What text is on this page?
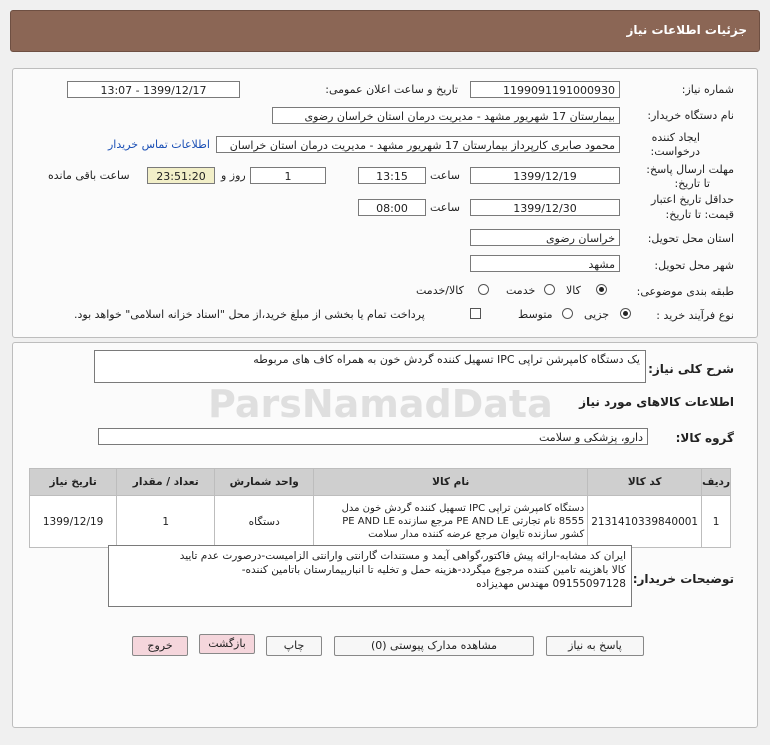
جزئیات اطلاعات نیاز
شماره نیاز:
1199091191000930
تاریخ و ساعت اعلان عمومی:
1399/12/17 - 13:07
نام دستگاه خریدار:
بیمارستان 17 شهریور مشهد - مدیریت درمان استان خراسان رضوی
ایجاد کننده
درخواست:
محمود صابری کارپرداز بیمارستان 17 شهریور مشهد - مدیریت درمان استان خراسان
اطلاعات تماس خریدار
مهلت ارسال پاسخ:
تا تاریخ:
1399/12/19
ساعت
13:15
1
روز و
23:51:20
ساعت باقی مانده
حداقل تاریخ اعتبار
قیمت: تا تاریخ:
1399/12/30
ساعت
08:00
استان محل تحویل:
خراسان رضوی
شهر محل تحویل:
مشهد
طبقه بندی موضوعی:
کالا
خدمت
کالا/خدمت
نوع فرآیند خرید :
جزیی
متوسط
پرداخت تمام یا بخشی از مبلغ خرید،از محل "اسناد خزانه اسلامی" خواهد بود.
شرح کلی نیاز:
یک دستگاه کامپرشن تراپی IPC تسهیل کننده گردش خون به همراه کاف های مربوطه
اطلاعات کالاهای مورد نیاز
گروه کالا:
دارو، پزشکی و سلامت
ردیف	کد کالا	نام کالا	واحد شمارش	تعداد / مقدار	تاریخ نیاز
1	2131410339840001	دستگاه کامپرشن تراپی IPC تسهیل کننده گردش خون مدل 8555 نام تجارتی PE AND LE مرجع سازنده PE AND LE کشور سازنده تایوان مرجع عرضه کننده مدار سلامت	دستگاه	1	1399/12/19
توضیحات خریدار:
ایران کد مشابه-ارائه پیش فاکتور،گواهی آیمد و مستندات گارانتی وارانتی الزامیست-درصورت عدم تایید
کالا باهزینه تامین کننده مرجوع میگردد-هزینه حمل و تخلیه تا انباربیمارستان باتامین کننده-
09155097128 مهندس مهدیزاده
پاسخ به نیاز
مشاهده مدارک پیوستی (0)
چاپ
بازگشت
خروج
ParsNamadData
